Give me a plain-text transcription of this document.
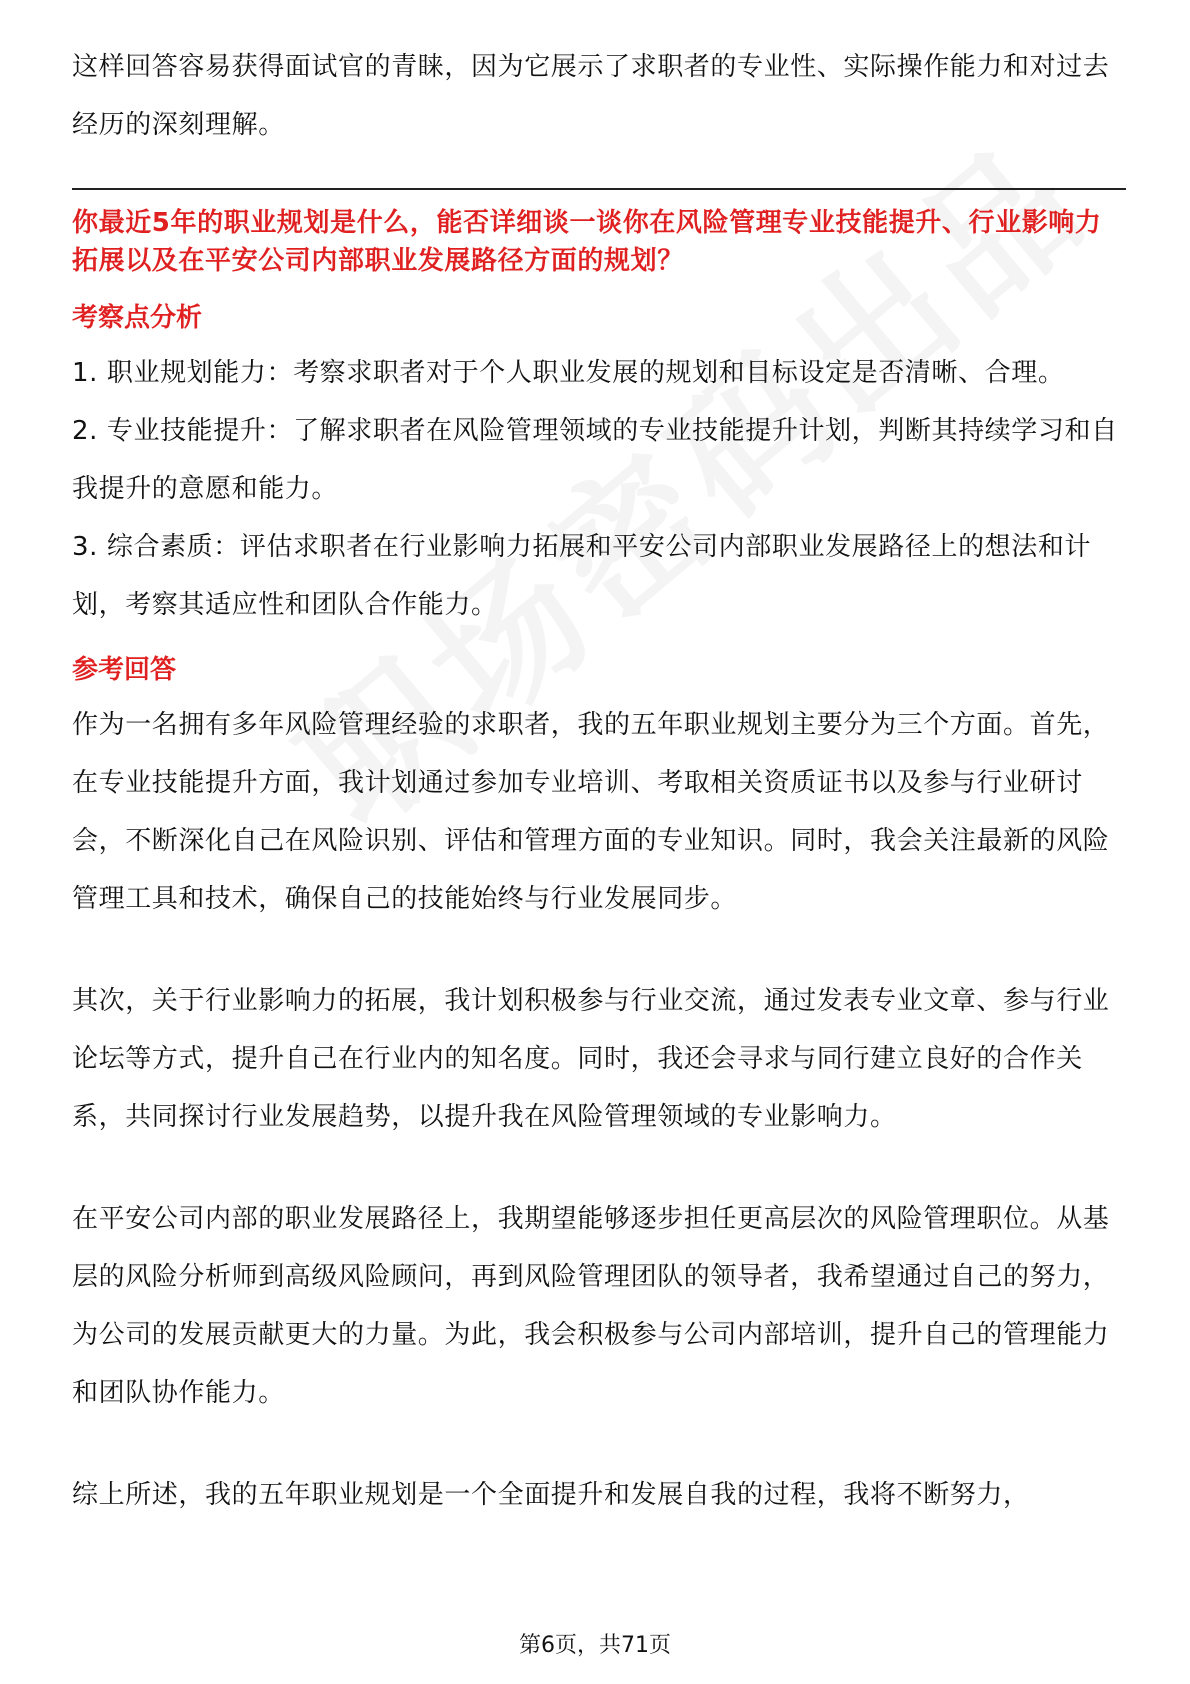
这样回答容易获得面试官的青睐，因为它展示了求职者的专业性、实际操作能力和对过去经历的深刻理解。

你最近5年的职业规划是什么，能否详细谈一谈你在风险管理专业技能提升、行业影响力拓展以及在平安公司内部职业发展路径方面的规划？

考察点分析

1. 职业规划能力：考察求职者对于个人职业发展的规划和目标设定是否清晰、合理。

2. 专业技能提升：了解求职者在风险管理领域的专业技能提升计划，判断其持续学习和自我提升的意愿和能力。

3. 综合素质：评估求职者在行业影响力拓展和平安公司内部职业发展路径上的想法和计划，考察其适应性和团队合作能力。

参考回答

作为一名拥有多年风险管理经验的求职者，我的五年职业规划主要分为三个方面。首先，在专业技能提升方面，我计划通过参加专业培训、考取相关资质证书以及参与行业研讨会，不断深化自己在风险识别、评估和管理方面的专业知识。同时，我会关注最新的风险管理工具和技术，确保自己的技能始终与行业发展同步。

其次，关于行业影响力的拓展，我计划积极参与行业交流，通过发表专业文章、参与行业论坛等方式，提升自己在行业内的知名度。同时，我还会寻求与同行建立良好的合作关系，共同探讨行业发展趋势，以提升我在风险管理领域的专业影响力。

在平安公司内部的职业发展路径上，我期望能够逐步担任更高层次的风险管理职位。从基层的风险分析师到高级风险顾问，再到风险管理团队的领导者，我希望通过自己的努力，为公司的发展贡献更大的力量。为此，我会积极参与公司内部培训，提升自己的管理能力和团队协作能力。

综上所述，我的五年职业规划是一个全面提升和发展自我的过程，我将不断努力，

第6页，共71页
